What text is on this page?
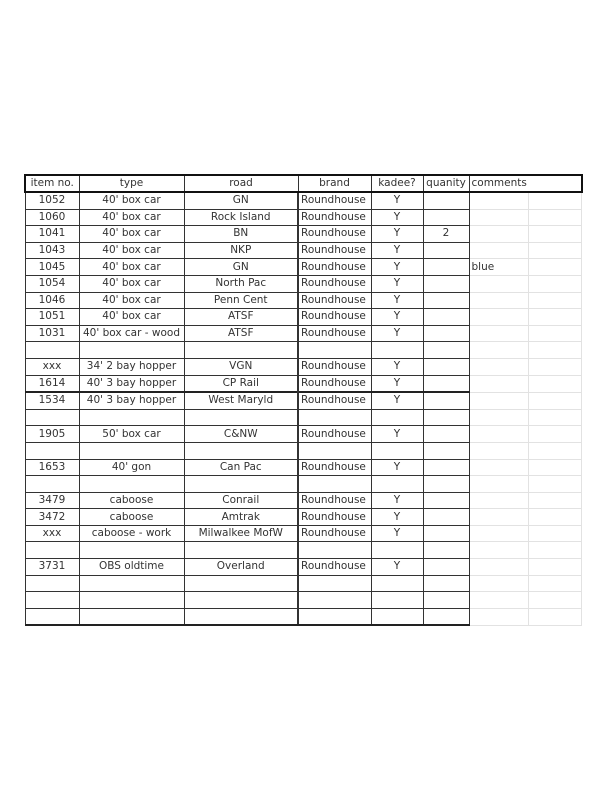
item no.	type	road	brand	kadee?	quanity	comments	
1052	40' box car	GN	Roundhouse	Y			
1060	40' box car	Rock Island	Roundhouse	Y			
1041	40' box car	BN	Roundhouse	Y	2		
1043	40' box car	NKP	Roundhouse	Y			
1045	40' box car	GN	Roundhouse	Y		blue	
1054	40' box car	North Pac	Roundhouse	Y			
1046	40' box car	Penn Cent	Roundhouse	Y			
1051	40' box car	ATSF	Roundhouse	Y			
1031	40' box car - wood	ATSF	Roundhouse	Y			

xxx	34' 2 bay hopper	VGN	Roundhouse	Y			
1614	40' 3 bay hopper	CP Rail	Roundhouse	Y			
1534	40' 3 bay hopper	West Maryld	Roundhouse	Y			

1905	50' box car	C&NW	Roundhouse	Y			

1653	40' gon	Can Pac	Roundhouse	Y			

3479	caboose	Conrail	Roundhouse	Y			
3472	caboose	Amtrak	Roundhouse	Y			
xxx	caboose - work	Milwalkee MofW	Roundhouse	Y			

3731	OBS oldtime	Overland	Roundhouse	Y			
